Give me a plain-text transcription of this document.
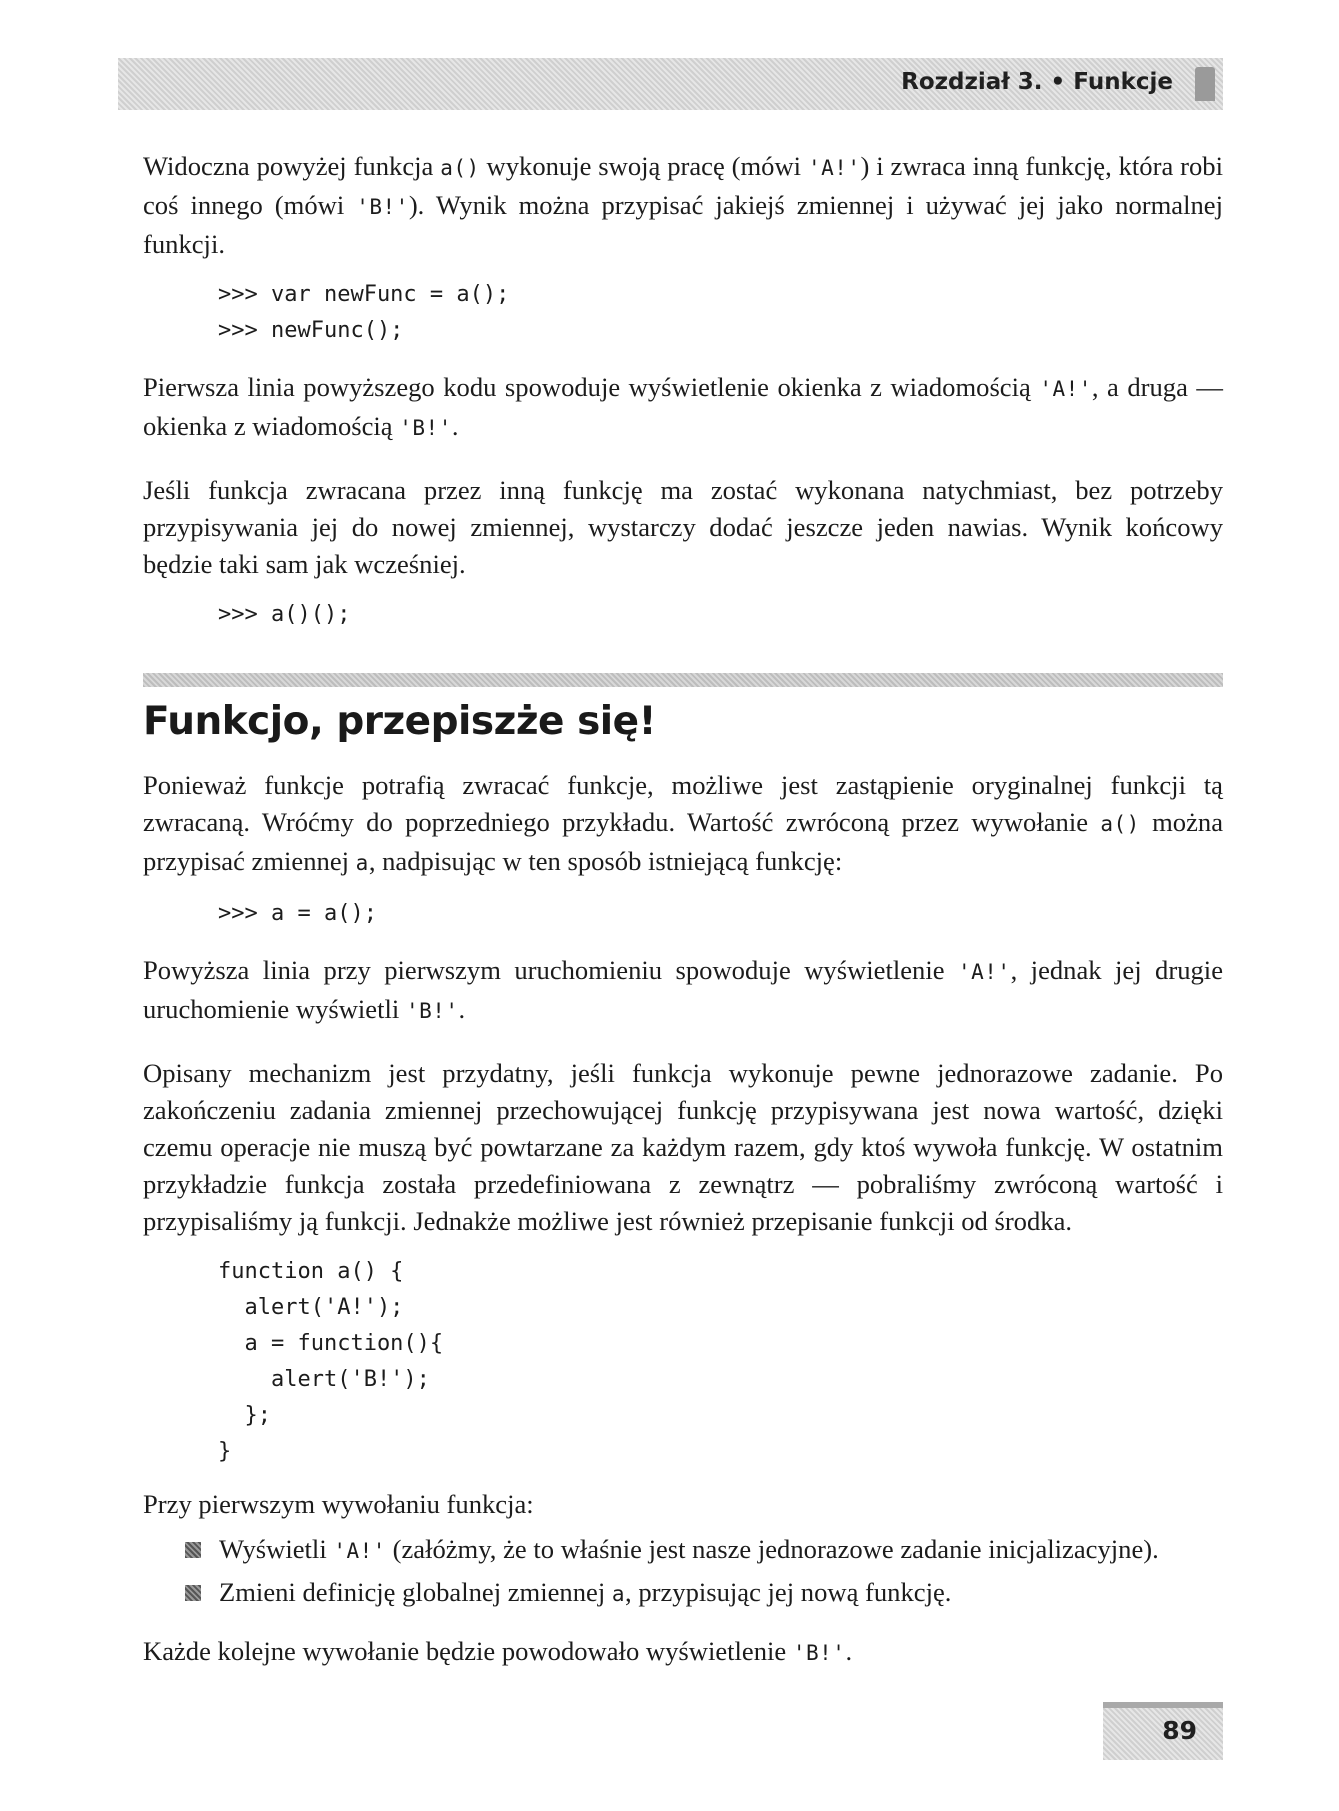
Rozdział 3. • Funkcje

Widoczna powyżej funkcja a() wykonuje swoją pracę (mówi 'A!') i zwraca inną funkcję, która robi coś innego (mówi 'B!'). Wynik można przypisać jakiejś zmiennej i używać jej jako normalnej funkcji.

>>> var newFunc = a();
>>> newFunc();

Pierwsza linia powyższego kodu spowoduje wyświetlenie okienka z wiadomością 'A!', a druga — okienka z wiadomością 'B!'.

Jeśli funkcja zwracana przez inną funkcję ma zostać wykonana natychmiast, bez potrzeby przypisywania jej do nowej zmiennej, wystarczy dodać jeszcze jeden nawias. Wynik końcowy będzie taki sam jak wcześniej.

>>> a()();
Funkcjo, przepiszże się!

Ponieważ funkcje potrafią zwracać funkcje, możliwe jest zastąpienie oryginalnej funkcji tą zwracaną. Wróćmy do poprzedniego przykładu. Wartość zwróconą przez wywołanie a() można przypisać zmiennej a, nadpisując w ten sposób istniejącą funkcję:

>>> a = a();

Powyższa linia przy pierwszym uruchomieniu spowoduje wyświetlenie 'A!', jednak jej drugie uruchomienie wyświetli 'B!'.

Opisany mechanizm jest przydatny, jeśli funkcja wykonuje pewne jednorazowe zadanie. Po zakończeniu zadania zmiennej przechowującej funkcję przypisywana jest nowa wartość, dzięki czemu operacje nie muszą być powtarzane za każdym razem, gdy ktoś wywoła funkcję. W ostatnim przykładzie funkcja została przedefiniowana z zewnątrz — pobraliśmy zwróconą wartość i przypisaliśmy ją funkcji. Jednakże możliwe jest również przepisanie funkcji od środka.

function a() {
alert('A!');
a = function(){
alert('B!');
};
}

Przy pierwszym wywołaniu funkcja:

Wyświetli 'A!' (załóżmy, że to właśnie jest nasze jednorazowe zadanie inicjalizacyjne).
Zmieni definicję globalnej zmiennej a, przypisując jej nową funkcję.

Każde kolejne wywołanie będzie powodowało wyświetlenie 'B!'.

89
